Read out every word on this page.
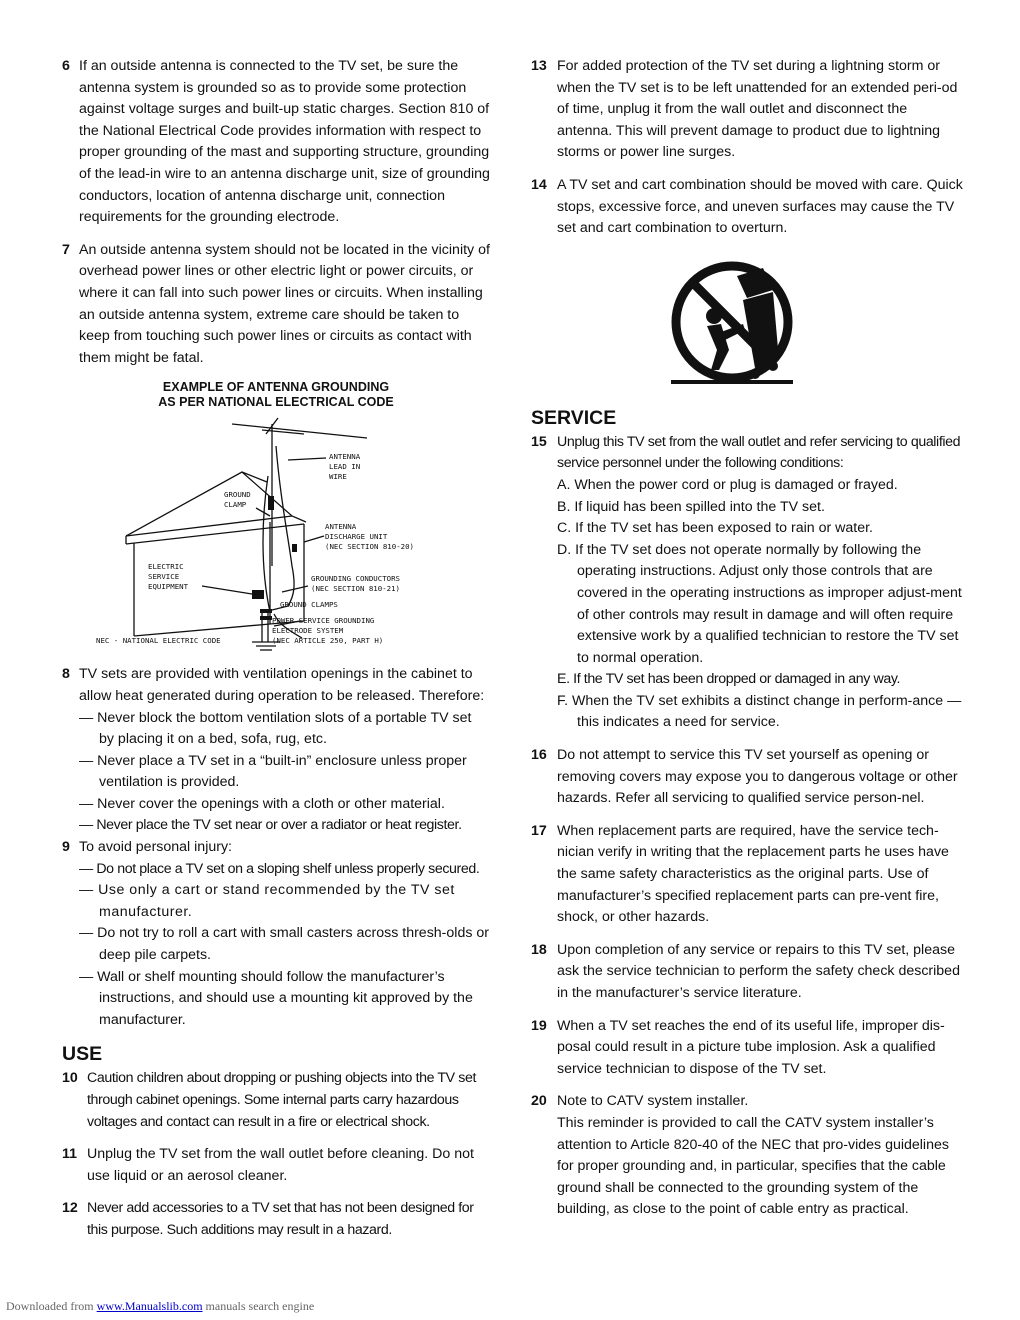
6 If an outside antenna is connected to the TV set, be sure the antenna system is grounded so as to provide some protection against voltage surges and built-up static charges. Section 810 of the National Electrical Code provides information with respect to proper grounding of the mast and supporting structure, grounding of the lead-in wire to an antenna discharge unit, size of grounding conductors, location of antenna discharge unit, connection requirements for the grounding electrode.
7 An outside antenna system should not be located in the vicinity of overhead power lines or other electric light or power circuits, or where it can fall into such power lines or circuits. When installing an outside antenna system, extreme care should be taken to keep from touching such power lines or circuits as contact with them might be fatal.
EXAMPLE OF ANTENNA GROUNDING
AS PER NATIONAL ELECTRICAL CODE
ANTENNA
LEAD IN
WIRE
GROUND
CLAMP
ANTENNA
DISCHARGE UNIT
(NEC SECTION 810-20)
ELECTRIC
SERVICE
EQUIPMENT
GROUNDING CONDUCTORS
(NEC SECTION 810-21)
GROUND CLAMPS
POWER SERVICE GROUNDING
ELECTRODE SYSTEM
(NEC ARTICLE 250, PART H)
NEC - NATIONAL ELECTRIC CODE
8 TV sets are provided with ventilation openings in the cabinet to allow heat generated during operation to be released. Therefore:
— Never block the bottom ventilation slots of a portable TV set by placing it on a bed, sofa, rug, etc.
— Never place a TV set in a “built-in” enclosure unless proper ventilation is provided.
— Never cover the openings with a cloth or other material.
— Never place the TV set near or over a radiator or heat register.
9 To avoid personal injury:
— Do not place a TV set on a sloping shelf unless properly secured.
— Use only a cart or stand recommended by the TV set manufacturer.
— Do not try to roll a cart with small casters across thresh-olds or deep pile carpets.
— Wall or shelf mounting should follow the manufacturer’s instructions, and should use a mounting kit approved by the manufacturer.
USE
10 Caution children about dropping or pushing objects into the TV set through cabinet openings. Some internal parts carry hazardous voltages and contact can result in a fire or electrical shock.
11 Unplug the TV set from the wall outlet before cleaning. Do not use liquid or an aerosol cleaner.
12 Never add accessories to a TV set that has not been designed for this purpose. Such additions may result in a hazard.
13 For added protection of the TV set during a lightning storm or when the TV set is to be left unattended for an extended peri-od of time, unplug it from the wall outlet and disconnect the antenna. This will prevent damage to product due to lightning storms or power line surges.
14 A TV set and cart combination should be moved with care. Quick stops, excessive force, and uneven surfaces may cause the TV set and cart combination to overturn.
SERVICE
15 Unplug this TV set from the wall outlet and refer servicing to qualified service personnel under the following conditions:
A. When the power cord or plug is damaged or frayed.
B. If liquid has been spilled into the TV set.
C. If the TV set has been exposed to rain or water.
D. If the TV set does not operate normally by following the operating instructions. Adjust only those controls that are covered in the operating instructions as improper adjust-ment of other controls may result in damage and will often require extensive work by a qualified technician to restore the TV set to normal operation.
E. If the TV set has been dropped or damaged in any way.
F. When the TV set exhibits a distinct change in perform-ance — this indicates a need for service.
16 Do not attempt to service this TV set yourself as opening or removing covers may expose you to dangerous voltage or other hazards. Refer all servicing to qualified service person-nel.
17 When replacement parts are required, have the service tech-nician verify in writing that the replacement parts he uses have the same safety characteristics as the original parts. Use of manufacturer’s specified replacement parts can pre-vent fire, shock, or other hazards.
18 Upon completion of any service or repairs to this TV set, please ask the service technician to perform the safety check described in the manufacturer’s service literature.
19 When a TV set reaches the end of its useful life, improper dis-posal could result in a picture tube implosion. Ask a qualified service technician to dispose of the TV set.
20 Note to CATV system installer.
This reminder is provided to call the CATV system installer’s attention to Article 820-40 of the NEC that pro-vides guidelines for proper grounding and, in particular, specifies that the cable ground shall be connected to the grounding system of the building, as close to the point of cable entry as practical.
Downloaded from www.Manualslib.com manuals search engine
